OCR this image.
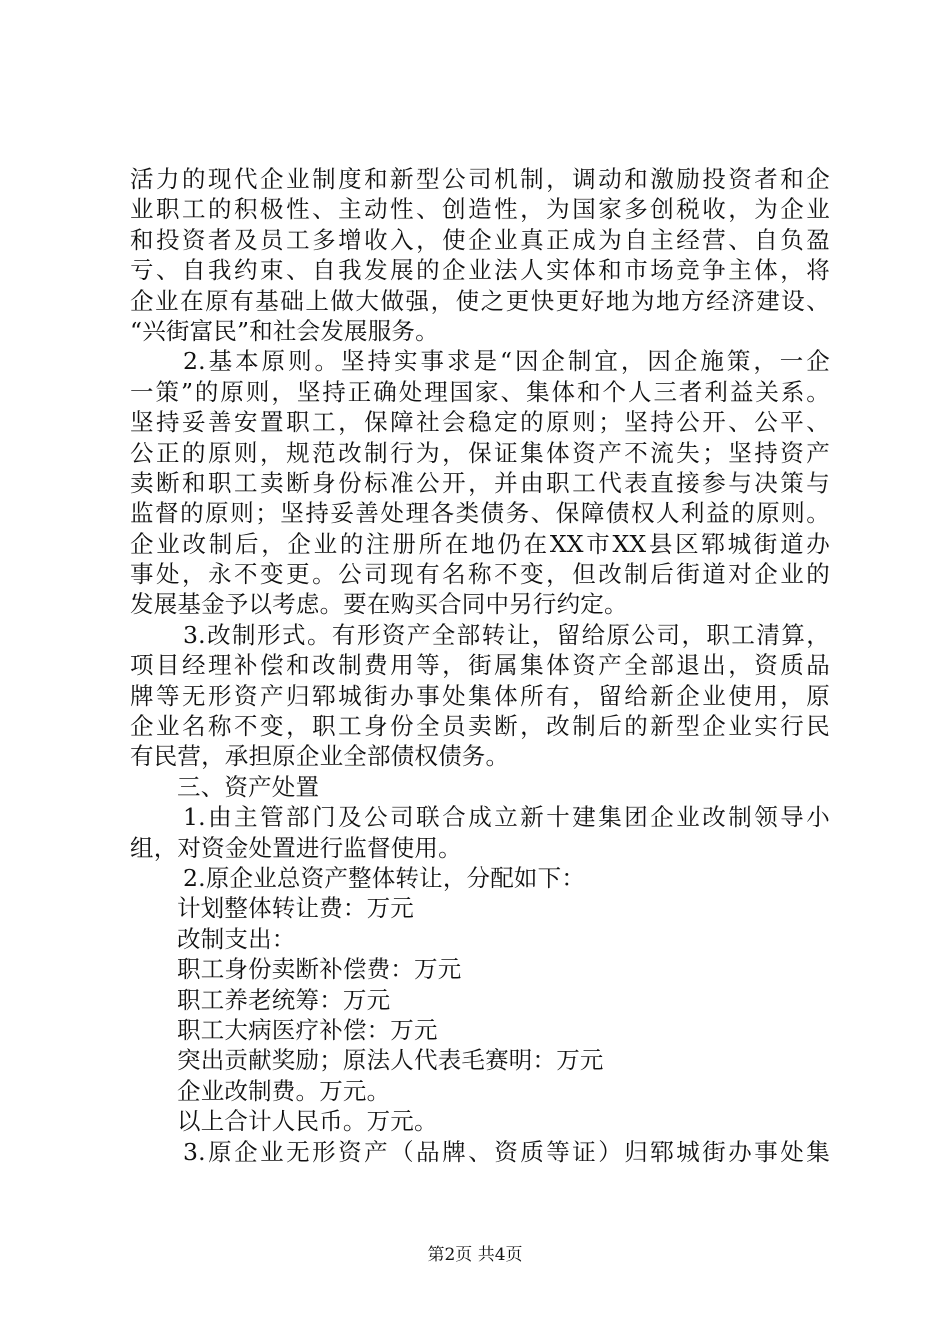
活力的现代企业制度和新型公司机制，调动和激励投资者和企
业职工的积极性、主动性、创造性，为国家多创税收，为企业
和投资者及员工多增收入，使企业真正成为自主经营、自负盈
亏、自我约束、自我发展的企业法人实体和市场竞争主体，将
企业在原有基础上做大做强，使之更快更好地为地方经济建设、
“兴街富民”和社会发展服务。
2.基本原则。坚持实事求是“因企制宜，因企施策，一企
一策”的原则，坚持正确处理国家、集体和个人三者利益关系。
坚持妥善安置职工，保障社会稳定的原则；坚持公开、公平、
公正的原则，规范改制行为，保证集体资产不流失；坚持资产
卖断和职工卖断身份标准公开，并由职工代表直接参与决策与
监督的原则；坚持妥善处理各类债务、保障债权人利益的原则。
企业改制后，企业的注册所在地仍在XX市XX县区郓城街道办
事处，永不变更。公司现有名称不变，但改制后街道对企业的
发展基金予以考虑。要在购买合同中另行约定。
3.改制形式。有形资产全部转让，留给原公司，职工清算，
项目经理补偿和改制费用等，街属集体资产全部退出，资质品
牌等无形资产归郓城街办事处集体所有，留给新企业使用，原
企业名称不变，职工身份全员卖断，改制后的新型企业实行民
有民营，承担原企业全部债权债务。
三、资产处置
1.由主管部门及公司联合成立新十建集团企业改制领导小
组，对资金处置进行监督使用。
2.原企业总资产整体转让，分配如下：
计划整体转让费：万元
改制支出：
职工身份卖断补偿费：万元
职工养老统筹：万元
职工大病医疗补偿：万元
突出贡献奖励；原法人代表毛赛明：万元
企业改制费。万元。
以上合计人民币。万元。
3.原企业无形资产（品牌、资质等证）归郓城街办事处集
第2页 共4页
